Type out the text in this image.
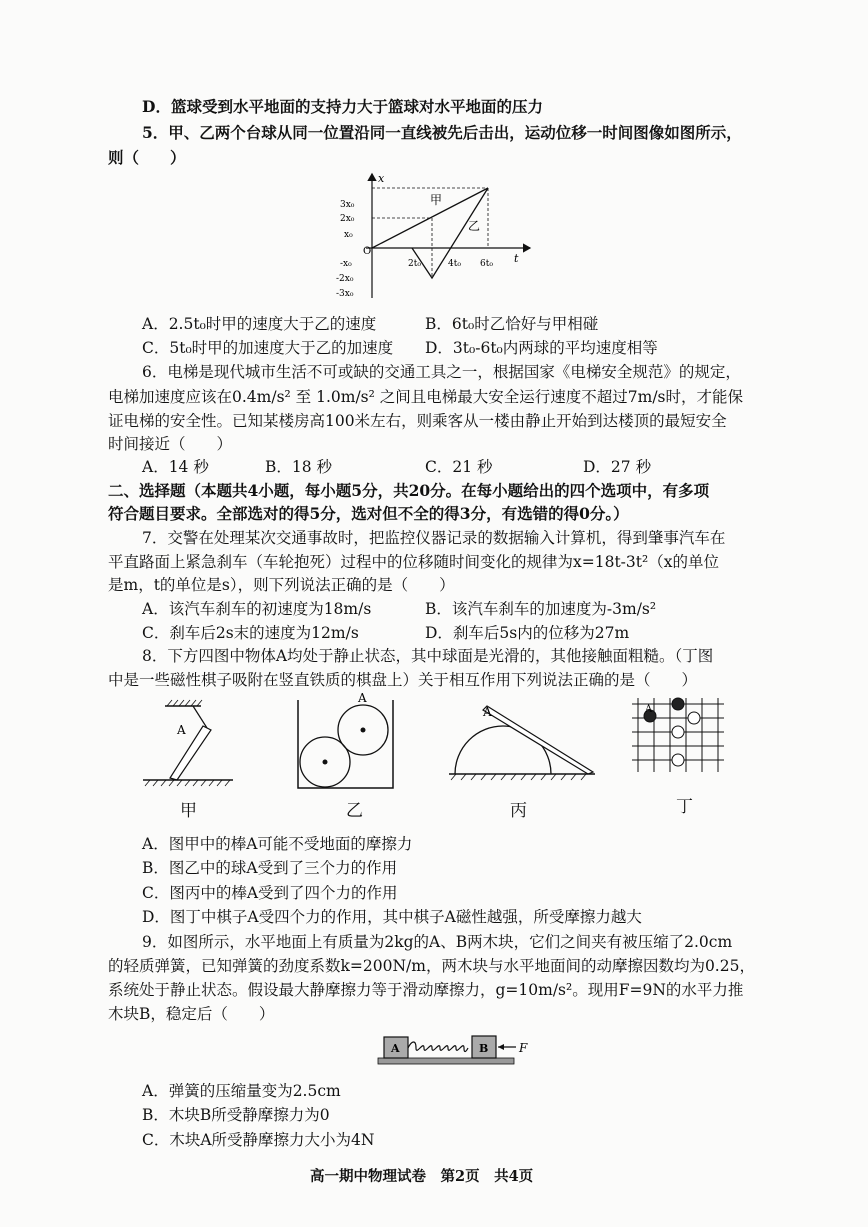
D．篮球受到水平地面的支持力大于篮球对水平地面的压力
5．甲、乙两个台球从同一位置沿同一直线被先后击出，运动位移一时间图像如图所示，
则（　　）
x
t
O
3x₀
2x₀
x₀
-x₀
-2x₀
-3x₀
2t₀	4t₀ 6t₀
甲
乙
A．2.5t₀时甲的速度大于乙的速度	B．6t₀时乙恰好与甲相碰
C．5t₀时甲的加速度大于乙的加速度 D．3t₀-6t₀内两球的平均速度相等
6．电梯是现代城市生活不可或缺的交通工具之一，根据国家《电梯安全规范》的规定，
电梯加速度应该在0.4m/s² 至 1.0m/s² 之间且电梯最大安全运行速度不超过7m/s时，才能保
证电梯的安全性。已知某楼房高100米左右，则乘客从一楼由静止开始到达楼顶的最短安全
时间接近（　　）
A．14 秒	B．18 秒	C．21 秒	D．27 秒
二、选择题（本题共4小题，每小题5分，共20分。在每小题给出的四个选项中，有多项
符合题目要求。全部选对的得5分，选对但不全的得3分，有选错的得0分。）
7．交警在处理某次交通事故时，把监控仪器记录的数据输入计算机，得到肇事汽车在
平直路面上紧急刹车（车轮抱死）过程中的位移随时间变化的规律为x=18t-3t²（x的单位
是m，t的单位是s），则下列说法正确的是（　　）
A．该汽车刹车的初速度为18m/s	B．该汽车刹车的加速度为-3m/s²
C．刹车后2s末的速度为12m/s	D．刹车后5s内的位移为27m
8．下方四图中物体A均处于静止状态，其中球面是光滑的，其他接触面粗糙。（丁图
中是一些磁性棋子吸附在竖直铁质的棋盘上）关于相互作用下列说法正确的是（　　）
A
A
A	A
甲	乙	丙	丁
A．图甲中的棒A可能不受地面的摩擦力
B．图乙中的球A受到了三个力的作用
C．图丙中的棒A受到了四个力的作用
D．图丁中棋子A受四个力的作用，其中棋子A磁性越强，所受摩擦力越大
9．如图所示，水平地面上有质量为2kg的A、B两木块，它们之间夹有被压缩了2.0cm
的轻质弹簧，已知弹簧的劲度系数k=200N/m，两木块与水平地面间的动摩擦因数均为0.25，
系统处于静止状态。假设最大静摩擦力等于滑动摩擦力，g=10m/s²。现用F=9N的水平力推
木块B，稳定后（　　）
A	B	F
A．弹簧的压缩量变为2.5cm
B．木块B所受静摩擦力为0
C．木块A所受静摩擦力大小为4N
高一期中物理试卷　第2页　共4页
